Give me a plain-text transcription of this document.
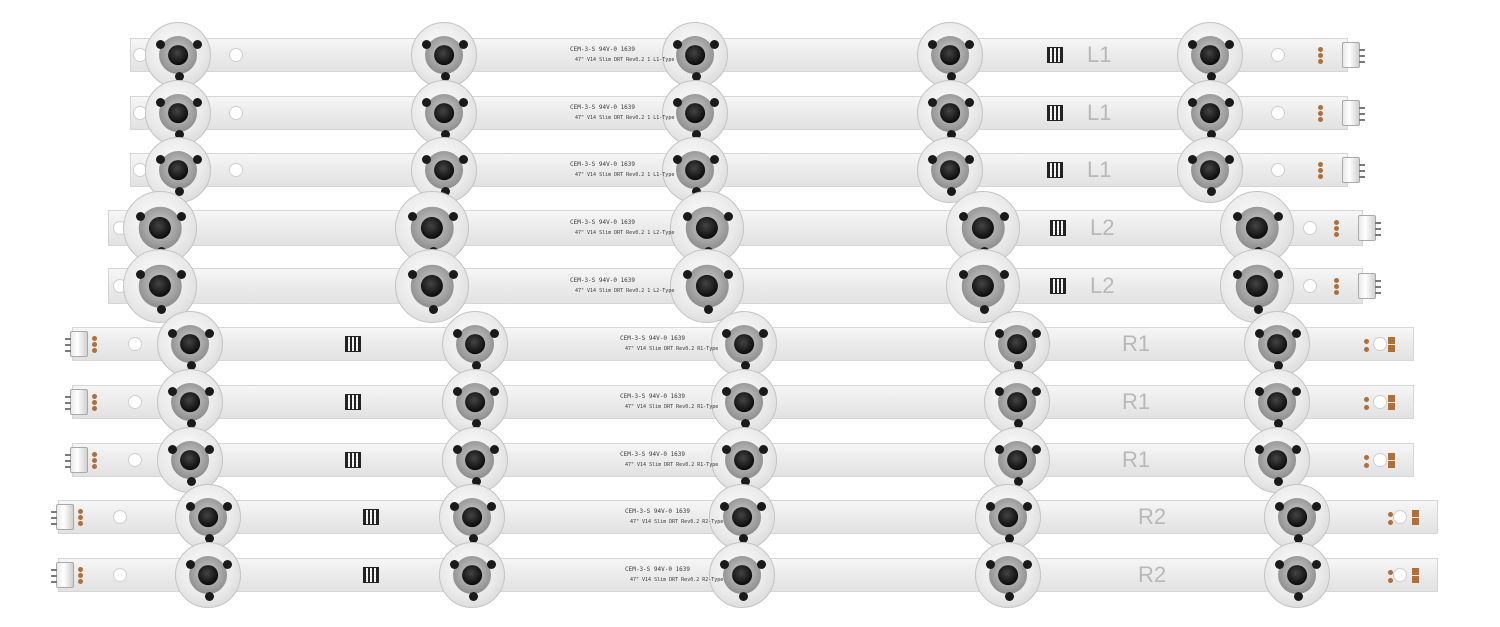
CEM-3-S 94V-0 1639
47" V14 Slim DRT Rev0.2 1 L1-Type	L1
CEM-3-S 94V-0 1639
47" V14 Slim DRT Rev0.2 1 L1-Type	L1
CEM-3-S 94V-0 1639
47" V14 Slim DRT Rev0.2 1 L1-Type	L1
CEM-3-S 94V-0 1639
47" V14 Slim DRT Rev0.2 1 L2-Type	L2
CEM-3-S 94V-0 1639
47" V14 Slim DRT Rev0.2 1 L2-Type	L2
CEM-3-S 94V-0 1639
47" V14 Slim DRT Rev0.2 R1-Type	R1
CEM-3-S 94V-0 1639
47" V14 Slim DRT Rev0.2 R1-Type	R1
CEM-3-S 94V-0 1639
47" V14 Slim DRT Rev0.2 R1-Type	R1
CEM-3-S 94V-0 1639
47" V14 Slim DRT Rev0.2 R2-Type	R2
CEM-3-S 94V-0 1639
47" V14 Slim DRT Rev0.2 R2-Type	R2
